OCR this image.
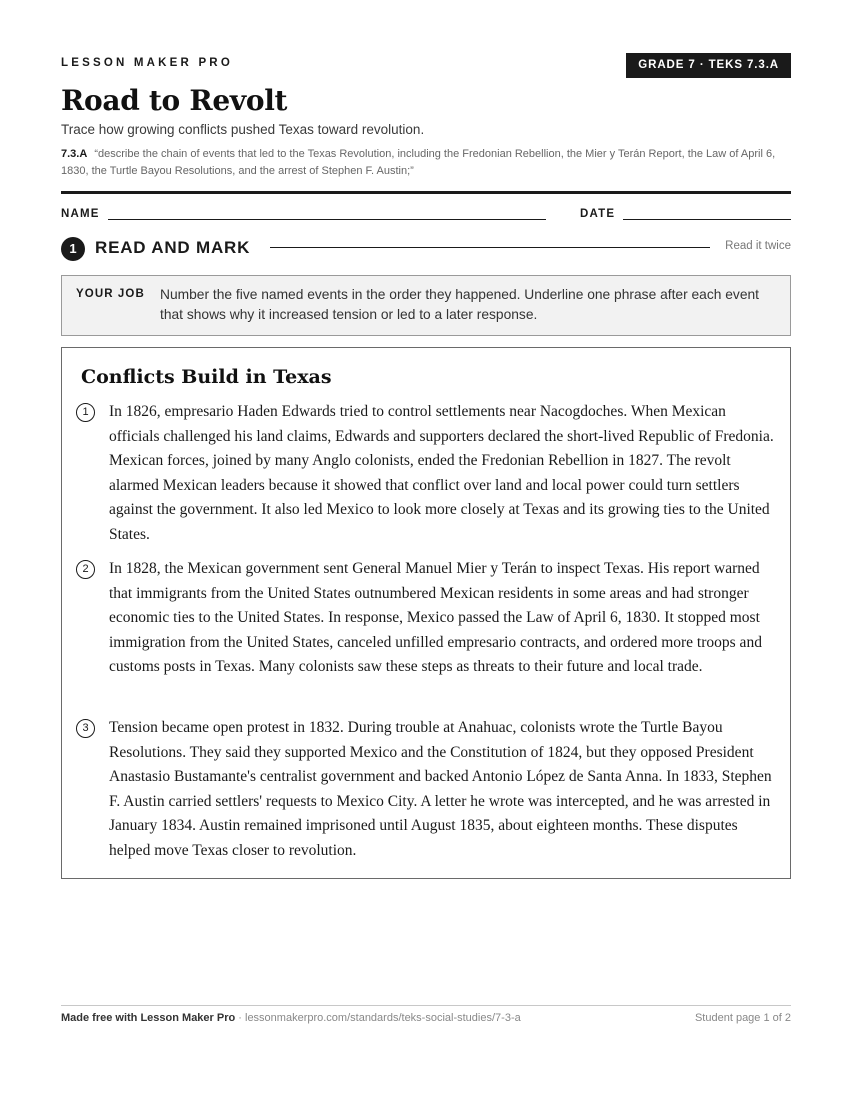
LESSON MAKER PRO	GRADE 7 · TEKS 7.3.A
Road to Revolt
Trace how growing conflicts pushed Texas toward revolution.
7.3.A “describe the chain of events that led to the Texas Revolution, including the Fredonian Rebellion, the Mier y Terán Report, the Law of April 6, 1830, the Turtle Bayou Resolutions, and the arrest of Stephen F. Austin;”
NAME	DATE
1	READ AND MARK	Read it twice
YOUR JOB Number the five named events in the order they happened. Underline one phrase after each event that shows why it increased tension or led to a later response.
Conflicts Build in Texas
1	In 1826, empresario Haden Edwards tried to control settlements near Nacogdoches. When Mexican officials challenged his land claims, Edwards and supporters declared the short-lived Republic of Fredonia. Mexican forces, joined by many Anglo colonists, ended the Fredonian Rebellion in 1827. The revolt alarmed Mexican leaders because it showed that conflict over land and local power could turn settlers against the government. It also led Mexico to look more closely at Texas and its growing ties to the United States.

2	In 1828, the Mexican government sent General Manuel Mier y Terán to inspect Texas. His report warned that immigrants from the United States outnumbered Mexican residents in some areas and had stronger economic ties to the United States. In response, Mexico passed the Law of April 6, 1830. It stopped most immigration from the United States, canceled unfilled empresario contracts, and ordered more troops and customs posts in Texas. Many colonists saw these steps as threats to their future and local trade.

3	Tension became open protest in 1832. During trouble at Anahuac, colonists wrote the Turtle Bayou Resolutions. They said they supported Mexico and the Constitution of 1824, but they opposed President Anastasio Bustamante's centralist government and backed Antonio López de Santa Anna. In 1833, Stephen F. Austin carried settlers' requests to Mexico City. A letter he wrote was intercepted, and he was arrested in January 1834. Austin remained imprisoned until August 1835, about eighteen months. These disputes helped move Texas closer to revolution.

Made free with Lesson Maker Pro · lessonmakerpro.com/standards/teks-social-studies/7-3-a	Student page 1 of 2
